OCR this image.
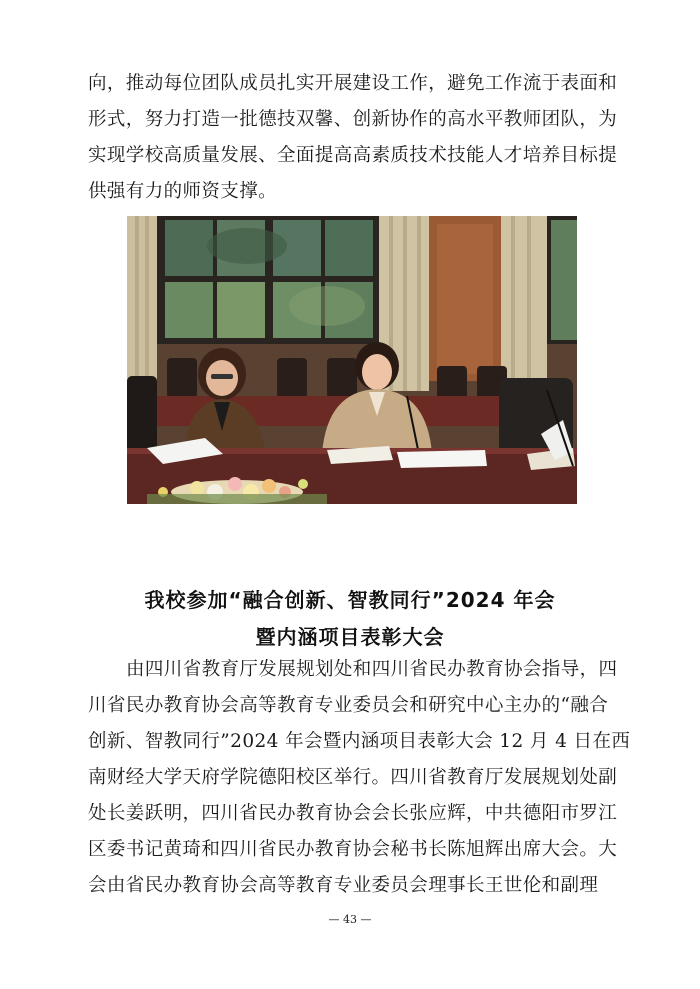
向，推动每位团队成员扎实开展建设工作，避免工作流于表面和
形式，努力打造一批德技双馨、创新协作的高水平教师团队，为
实现学校高质量发展、全面提高高素质技术技能人才培养目标提
供强有力的师资支撑。
我校参加“融合创新、智教同行”2024 年会
暨内涵项目表彰大会
由四川省教育厅发展规划处和四川省民办教育协会指导，四
川省民办教育协会高等教育专业委员会和研究中心主办的“融合
创新、智教同行”2024 年会暨内涵项目表彰大会 12 月 4 日在西
南财经大学天府学院德阳校区举行。四川省教育厅发展规划处副
处长姜跃明，四川省民办教育协会会长张应辉，中共德阳市罗江
区委书记黄琦和四川省民办教育协会秘书长陈旭辉出席大会。大
会由省民办教育协会高等教育专业委员会理事长王世伦和副理
— 43 —
